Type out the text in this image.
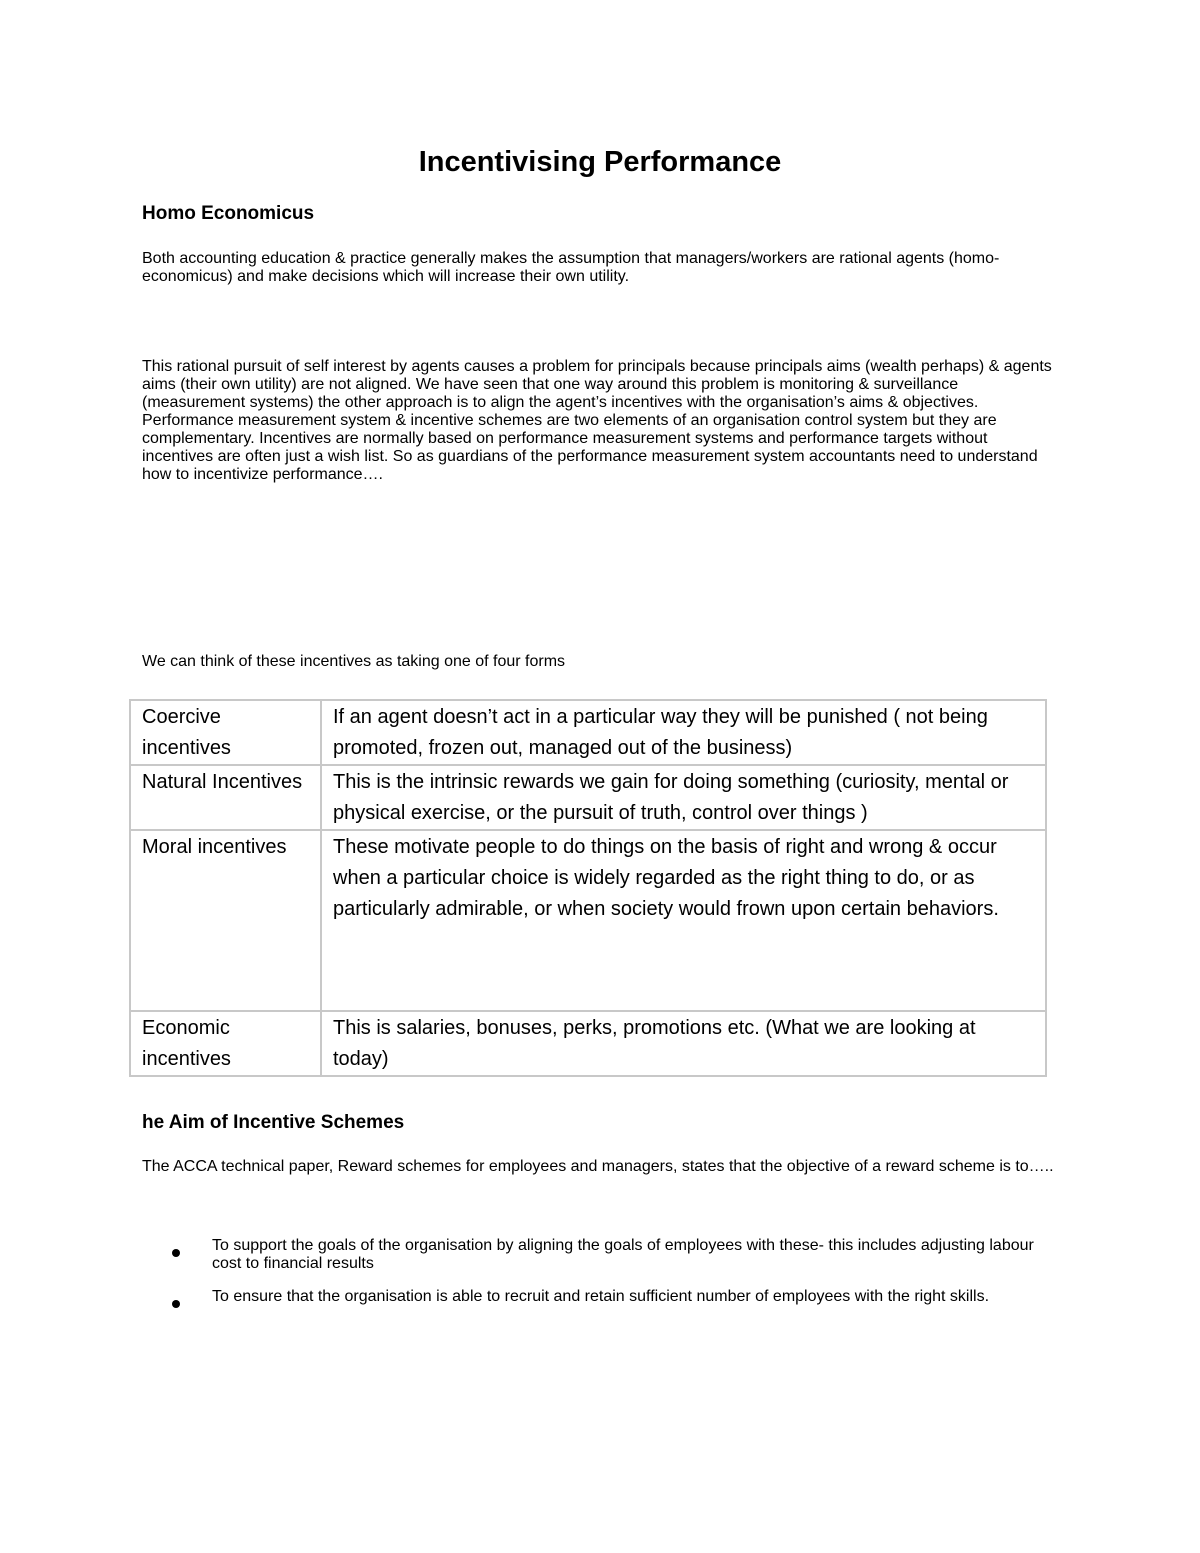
Incentivising Performance
Homo Economicus

Both accounting education & practice generally makes the assumption that managers/workers are rational agents (homo- economicus) and make decisions which will increase their own utility.

This rational pursuit of self interest by agents causes a problem for principals because principals aims (wealth perhaps) & agents aims (their own utility) are not aligned. We have seen that one way around this problem is monitoring & surveillance (measurement systems) the other approach is to align the agent’s incentives with the organisation’s aims & objectives. Performance measurement system & incentive schemes are two elements of an organisation control system but they are complementary. Incentives are normally based on performance measurement systems and performance targets without incentives are often just a wish list. So as guardians of the performance measurement system accountants need to understand how to incentivize performance….

We can think of these incentives as taking one of four forms

Coercive incentives	If an agent doesn’t act in a particular way they will be punished ( not being promoted, frozen out, managed out of the business)
Natural Incentives	This is the intrinsic rewards we gain for doing something (curiosity, mental or physical exercise, or the pursuit of truth, control over things )
Moral incentives	These motivate people to do things on the basis of right and wrong & occur when a particular choice is widely regarded as the right thing to do, or as particularly admirable, or when society would frown upon certain behaviors.
Economic incentives	This is salaries, bonuses, perks, promotions etc. (What we are looking at today)
he Aim of Incentive Schemes

The ACCA technical paper, Reward schemes for employees and managers, states that the objective of a reward scheme is to…..

To support the goals of the organisation by aligning the goals of employees with these- this includes adjusting labour cost to financial results
To ensure that the organisation is able to recruit and retain sufficient number of employees with the right skills.
